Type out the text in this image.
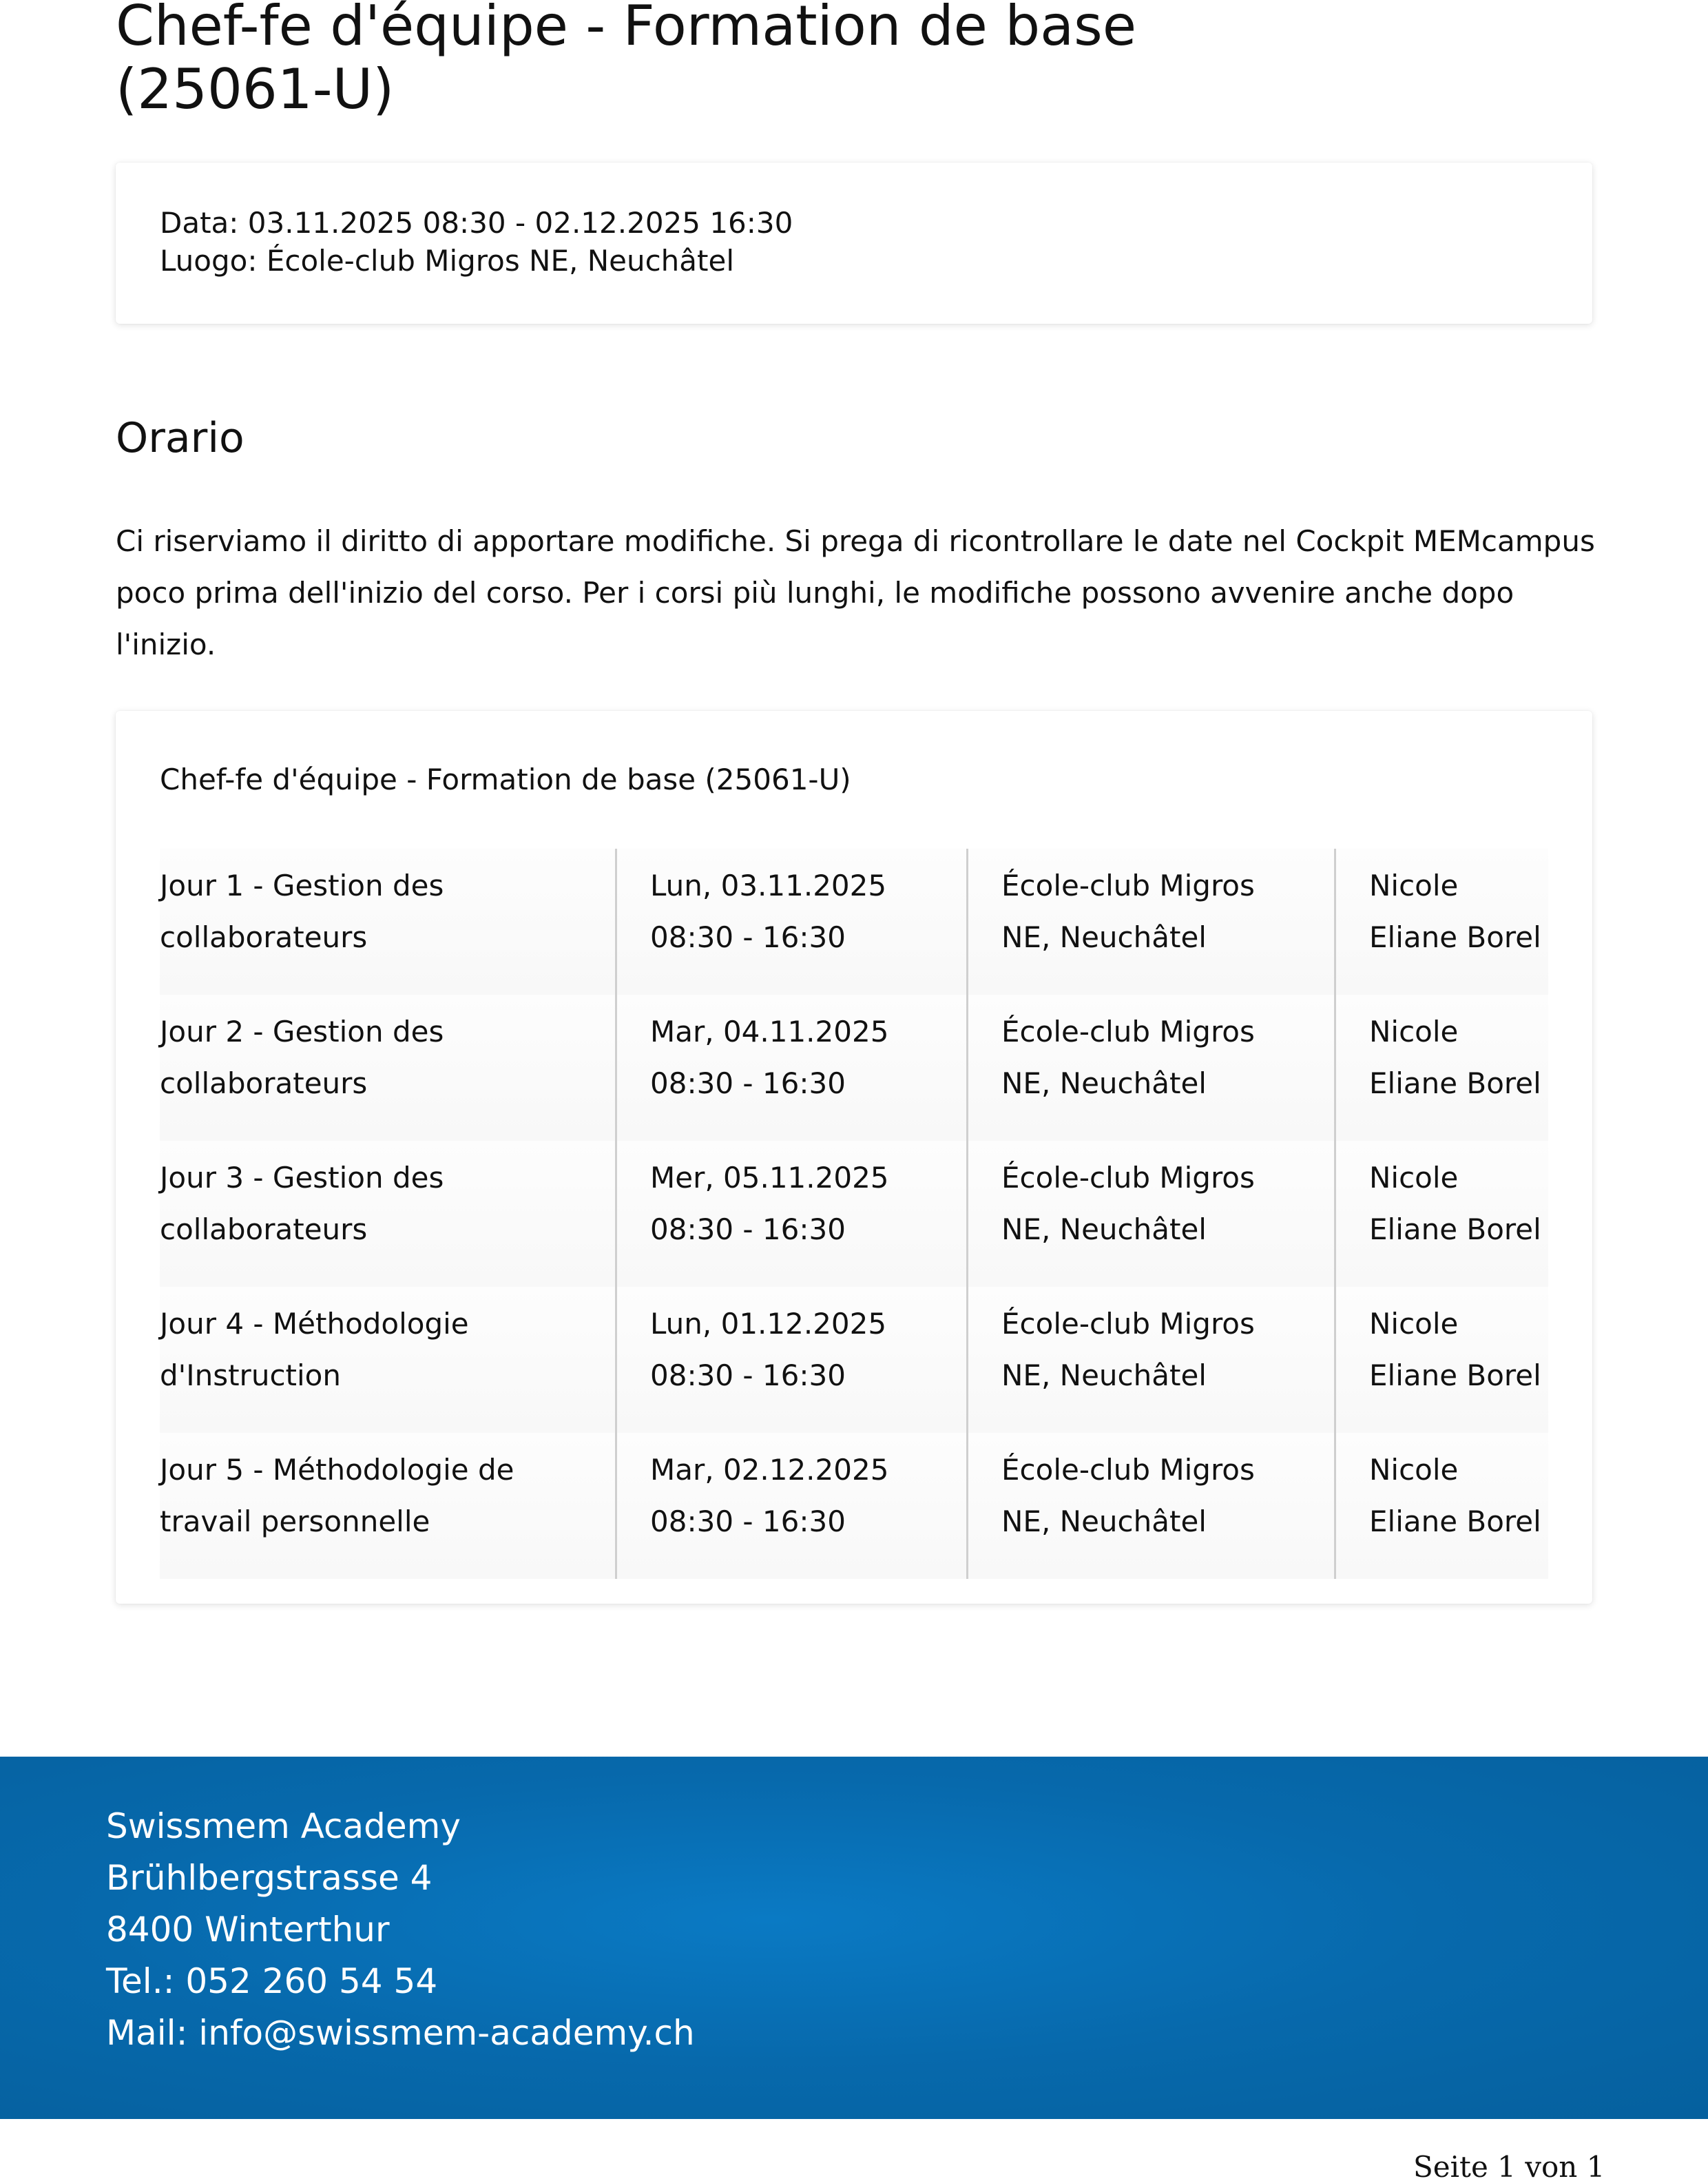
Chef-fe d'équipe - Formation de base
(25061-U)
Data: 03.11.2025 08:30 - 02.12.2025 16:30
Luogo: École-club Migros NE, Neuchâtel
Orario

Ci riserviamo il diritto di apportare modifiche. Si prega di ricontrollare le date nel Cockpit MEMcampus poco prima dell'inizio del corso. Per i corsi più lunghi, le modifiche possono avvenire anche dopo l'inizio.

Chef-fe d'équipe - Formation de base (25061-U)
Jour 1 - Gestion des
collaborateurs
Lun, 03.11.2025
08:30 - 16:30
École-club Migros
NE, Neuchâtel
Nicole
Eliane Borel
Jour 2 - Gestion des
collaborateurs
Mar, 04.11.2025
08:30 - 16:30
École-club Migros
NE, Neuchâtel
Nicole
Eliane Borel
Jour 3 - Gestion des
collaborateurs
Mer, 05.11.2025
08:30 - 16:30
École-club Migros
NE, Neuchâtel
Nicole
Eliane Borel
Jour 4 - Méthodologie
d'Instruction
Lun, 01.12.2025
08:30 - 16:30
École-club Migros
NE, Neuchâtel
Nicole
Eliane Borel
Jour 5 - Méthodologie de
travail personnelle
Mar, 02.12.2025
08:30 - 16:30
École-club Migros
NE, Neuchâtel
Nicole
Eliane Borel
Swissmem Academy
Brühlbergstrasse 4
8400 Winterthur
Tel.: 052 260 54 54
Mail: info@swissmem-academy.ch
Seite 1 von 1
